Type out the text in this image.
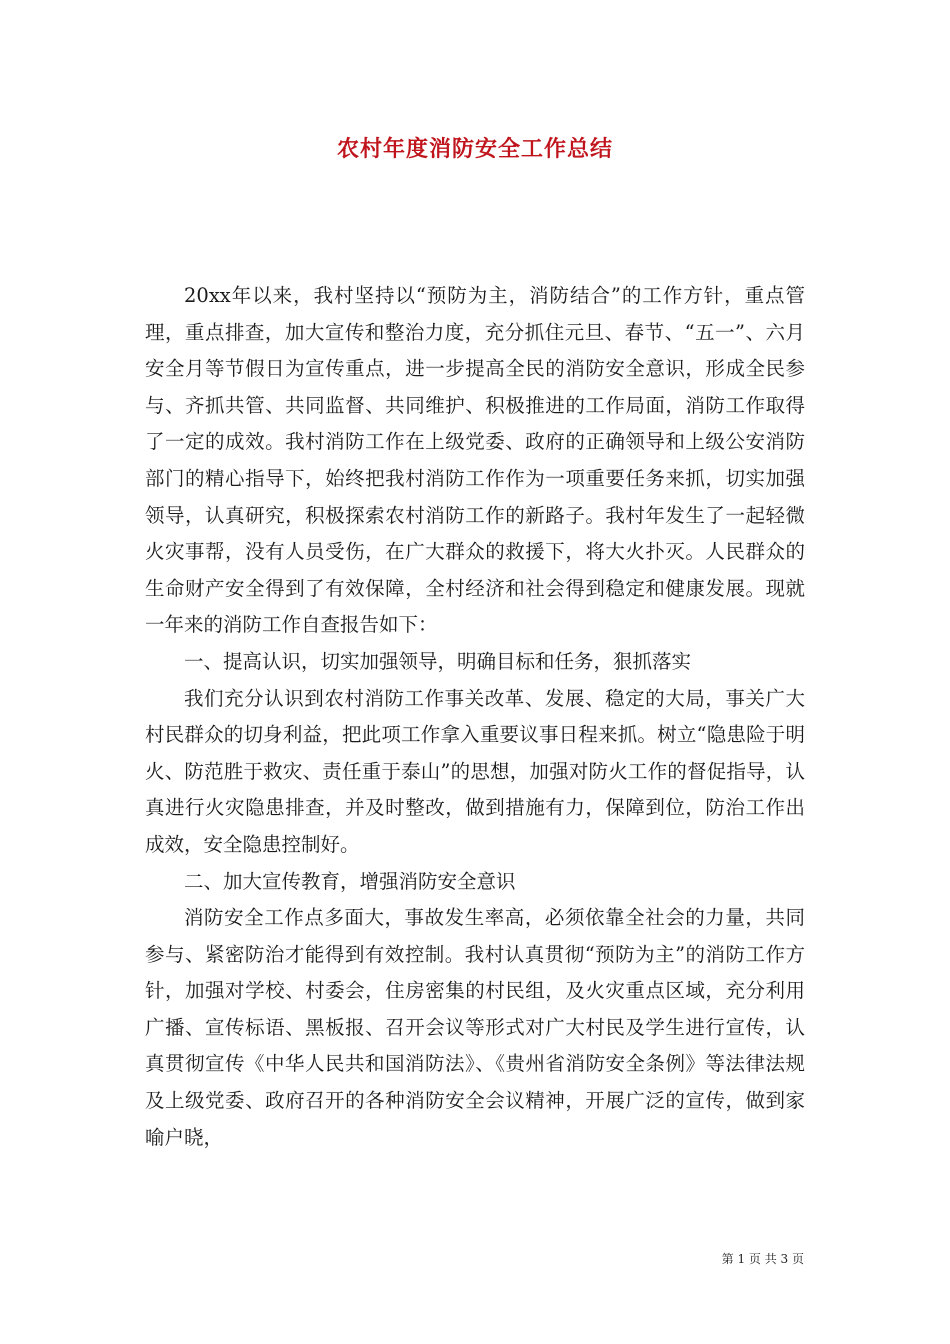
农村年度消防安全工作总结

20xx年以来，我村坚持以“预防为主，消防结合”的工作方针，重点管理，重点排查，加大宣传和整治力度，充分抓住元旦、春节、“五一”、六月安全月等节假日为宣传重点，进一步提高全民的消防安全意识，形成全民参与、齐抓共管、共同监督、共同维护、积极推进的工作局面，消防工作取得了一定的成效。我村消防工作在上级党委、政府的正确领导和上级公安消防部门的精心指导下，始终把我村消防工作作为一项重要任务来抓，切实加强领导，认真研究，积极探索农村消防工作的新路子。我村年发生了一起轻微火灾事帮，没有人员受伤，在广大群众的救援下，将大火扑灭。人民群众的生命财产安全得到了有效保障，全村经济和社会得到稳定和健康发展。现就一年来的消防工作自查报告如下：

一、提高认识，切实加强领导，明确目标和任务，狠抓落实

我们充分认识到农村消防工作事关改革、发展、稳定的大局，事关广大村民群众的切身利益，把此项工作拿入重要议事日程来抓。树立“隐患险于明火、防范胜于救灾、责任重于泰山”的思想，加强对防火工作的督促指导，认真进行火灾隐患排查，并及时整改，做到措施有力，保障到位，防治工作出成效，安全隐患控制好。

二、加大宣传教育，增强消防安全意识

消防安全工作点多面大，事故发生率高，必须依靠全社会的力量，共同参与、紧密防治才能得到有效控制。我村认真贯彻“预防为主”的消防工作方针，加强对学校、村委会，住房密集的村民组，及火灾重点区域，充分利用广播、宣传标语、黑板报、召开会议等形式对广大村民及学生进行宣传，认真贯彻宣传《中华人民共和国消防法》、《贵州省消防安全条例》等法律法规及上级党委、政府召开的各种消防安全会议精神，开展广泛的宣传，做到家喻户晓，

第 1 页 共 3 页
